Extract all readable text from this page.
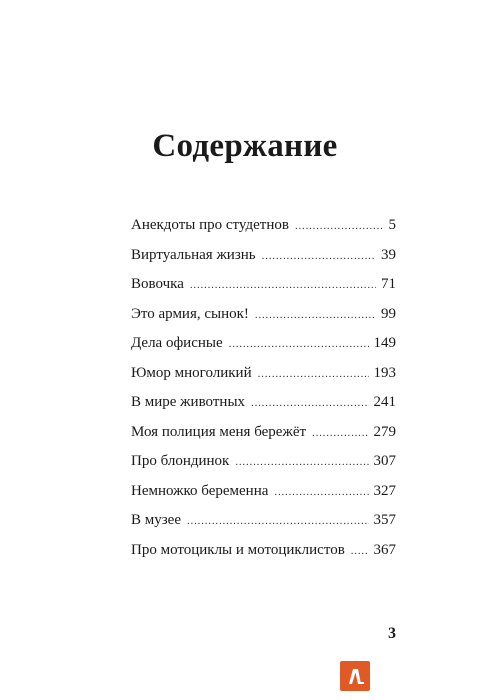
Содержание
Анекдоты про студетнов .....	5
Виртуальная жизнь .....	39
Вовочка .....	71
Это армия, сынок! .....	99
Дела офисные .....	149
Юмор многоликий .....	193
В мире животных .....	241
Моя полиция меня бережёт .....	279
Про блондинок .....	307
Немножко беременна .....	327
В музее .....	357
Про мотоциклы и мотоциклистов ..... 367
3
